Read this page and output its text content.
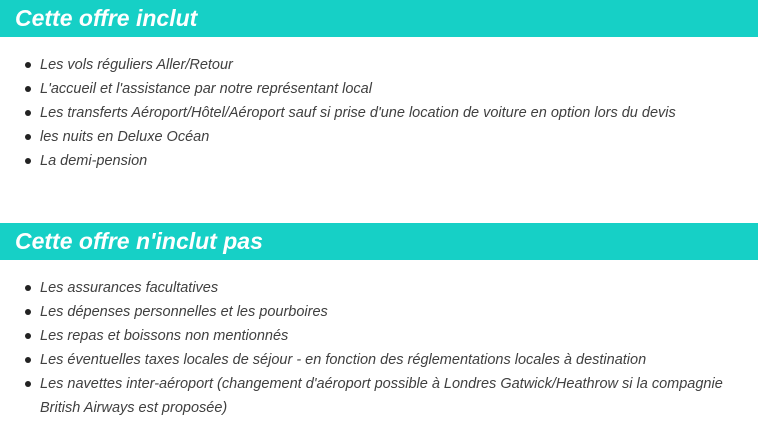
Cette offre inclut
Les vols réguliers Aller/Retour
L'accueil et l'assistance par notre représentant local
Les transferts Aéroport/Hôtel/Aéroport sauf si prise d'une location de voiture en option lors du devis
les nuits en Deluxe Océan
La demi-pension
Cette offre n'inclut pas
Les assurances facultatives
Les dépenses personnelles et les pourboires
Les repas et boissons non mentionnés
Les éventuelles taxes locales de séjour - en fonction des réglementations locales à destination
Les navettes inter-aéroport (changement d'aéroport possible à Londres Gatwick/Heathrow si la compagnie British Airways est proposée)
